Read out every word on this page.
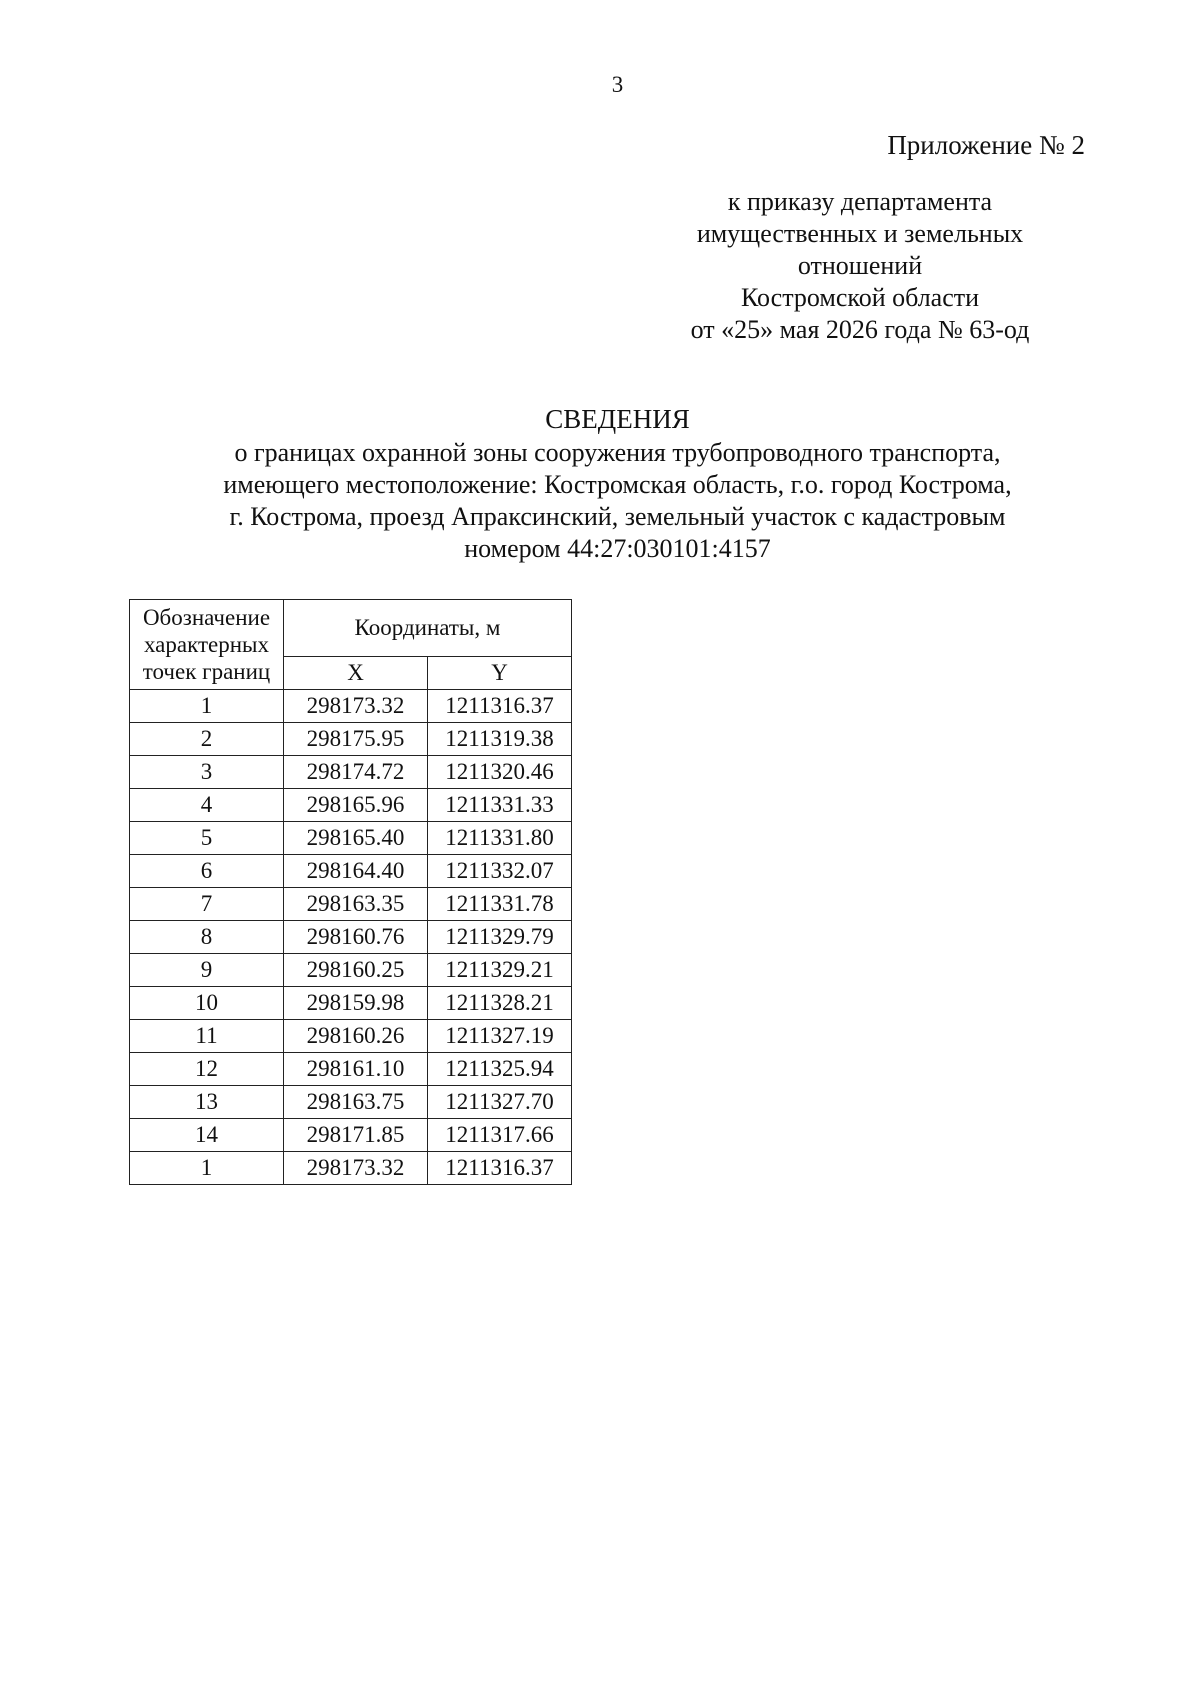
3
Приложение № 2
к приказу департамента
имущественных и земельных
отношений
Костромской области
от «25» мая 2026 года № 63-од
СВЕДЕНИЯ
о границах охранной зоны сооружения трубопроводного транспорта,
имеющего местоположение: Костромская область, г.о. город Кострома,
г. Кострома, проезд Апраксинский, земельный участок с кадастровым
номером 44:27:030101:4157
Обозначение
характерных
точек границ	Координаты, м	
	X	Y
1	298173.32	1211316.37
2	298175.95	1211319.38
3	298174.72	1211320.46
4	298165.96	1211331.33
5	298165.40	1211331.80
6	298164.40	1211332.07
7	298163.35	1211331.78
8	298160.76	1211329.79
9	298160.25	1211329.21
10	298159.98	1211328.21
11	298160.26	1211327.19
12	298161.10	1211325.94
13	298163.75	1211327.70
14	298171.85	1211317.66
1	298173.32	1211316.37
